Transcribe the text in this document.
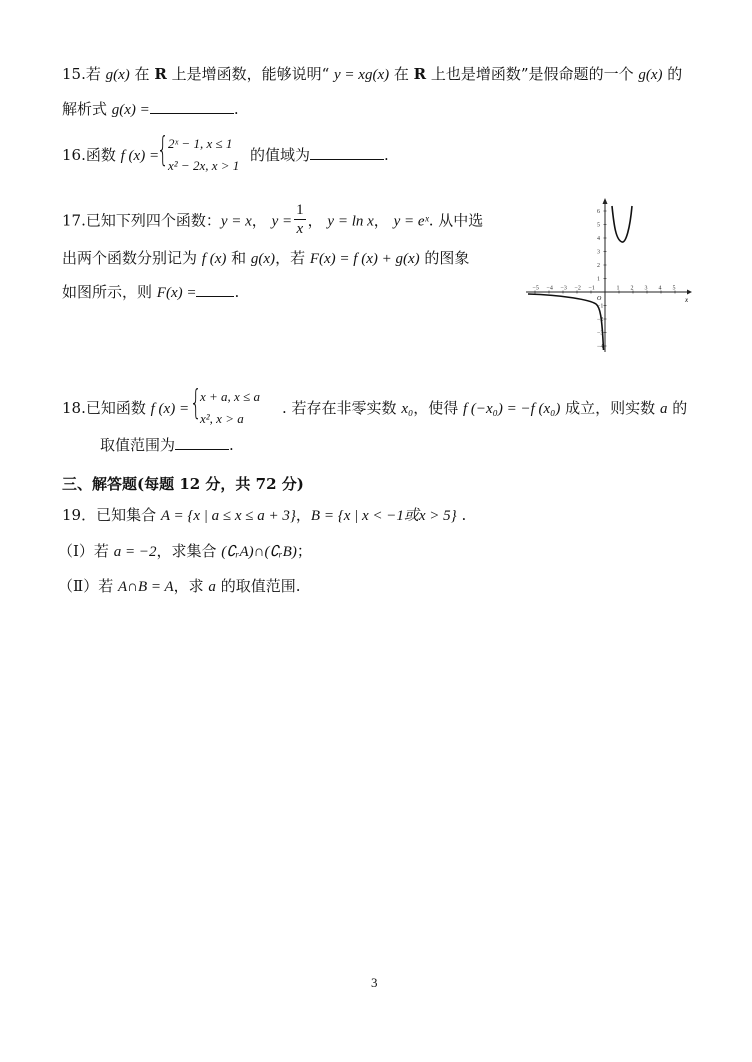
15.若 g(x) 在 R 上是增函数，能够说明“ y = xg(x) 在 R 上也是增函数”是假命题的一个 g(x) 的
解析式 g(x) =	.
16.函数 f (x) =
{ 2ˣ − 1, x ≤ 1
x² − 2x, x > 1
的值域为	.
17.已知下列四个函数：y = x， $y = \frac{1}{x}$ ， y = ln x， y = eˣ. 从中选
出两个函数分别记为 f (x) 和 g(x)，若 F(x) = f (x) + g(x) 的图象
如图所示，则 F(x) =	.	−5 −4 −3 −2 −1	1 2 3 4 5
6
5
4
3
2
1
−1
−2
−3
−4
x
O
18.已知函数 f (x) = {
x + a, x ≤ a
x², x > a
. 若存在非零实数 x₀，使得 f (−x₀) = −f (x₀) 成立，则实数 a 的
取值范围为	.
三、解答题(每题 12 分，共 72 分)
19．已知集合 A = {x | a ≤ x ≤ a + 3}，B = {x | x < −1或x > 5} .
（Ⅰ）若 a = −2，求集合 (∁ᵣA)∩(∁ᵣB)；
（Ⅱ）若 A∩B = A，求 a 的取值范围.
3
